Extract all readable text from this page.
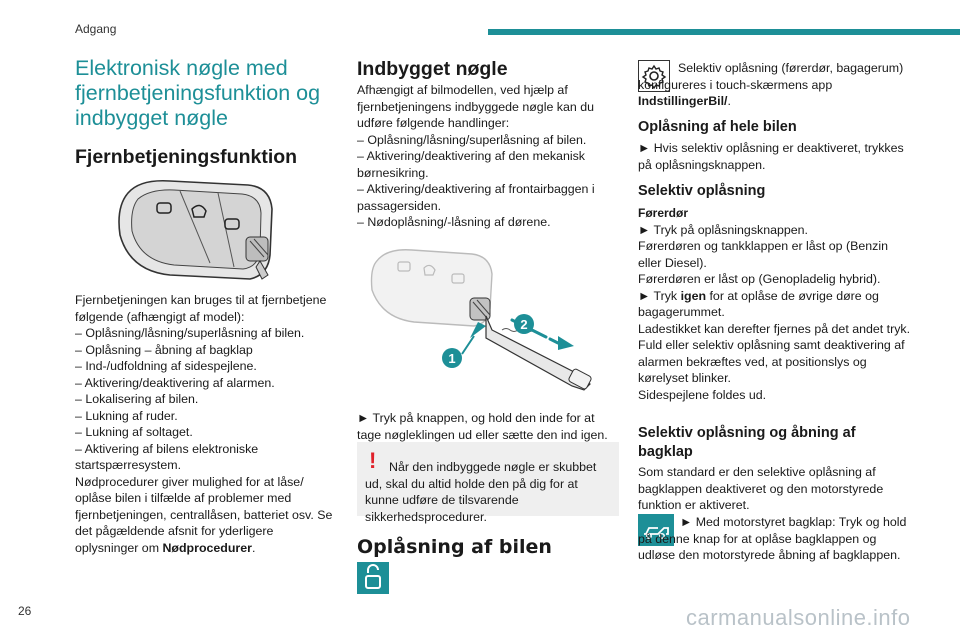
Adgang
Elektronisk nøgle med fjernbetjeningsfunktion og indbygget nøgle
Fjernbetjeningsfunktion

Fjernbetjeningen kan bruges til at fjernbetjene følgende (afhængigt af model):

– Oplåsning/låsning/superlåsning af bilen.

– Oplåsning – åbning af bagklap

– Ind-/udfoldning af sidespejlene.

– Aktivering/deaktivering af alarmen.

– Lokalisering af bilen.

– Lukning af ruder.

– Lukning af soltaget.

– Aktivering af bilens elektroniske startspærresystem.

Nødprocedurer giver mulighed for at låse/ oplåse bilen i tilfælde af problemer med fjernbetjeningen, centrallåsen, batteriet osv. Se det pågældende afsnit for yderligere oplysninger om Nødprocedurer.

Indbygget nøgle

Afhængigt af bilmodellen, ved hjælp af fjernbetjeningens indbyggede nøgle kan du udføre følgende handlinger:

– Oplåsning/låsning/superlåsning af bilen.

– Aktivering/deaktivering af den mekanisk børnesikring.

– Aktivering/deaktivering af frontairbaggen i passagersiden.

– Nødoplåsning/-låsning af dørene.

2
1

► Tryk på knappen, og hold den inde for at tage nøgleklingen ud eller sætte den ind igen.

!	Når den indbyggede nøgle er skubbet ud, skal du altid holde den på dig for at kunne udføre de tilsvarende sikkerhedsprocedurer.

Oplåsning af bilen

Selektiv oplåsning (førerdør, bagagerum) konfigureres i touch-skærmens app IndstillingerBil/.

Oplåsning af hele bilen

► Hvis selektiv oplåsning er deaktiveret, trykkes på oplåsningsknappen.

Selektiv oplåsning

Førerdør

► Tryk på oplåsningsknappen.

Førerdøren og tankklappen er låst op (Benzin eller Diesel).

Førerdøren er låst op (Genopladelig hybrid).

► Tryk igen for at oplåse de øvrige døre og bagagerummet.

Ladestikket kan derefter fjernes på det andet tryk.

Fuld eller selektiv oplåsning samt deaktivering af alarmen bekræftes ved, at positionslys og kørelyset blinker.

Sidespejlene foldes ud.

Selektiv oplåsning og åbning af bagklap

Som standard er den selektive oplåsning af bagklappen deaktiveret og den motorstyrede funktion er aktiveret.

► Med motorstyret bagklap: Tryk og hold på denne knap for at oplåse bagklappen og udløse den motorstyrede åbning af bagklappen.

26	carmanualsonline.info
